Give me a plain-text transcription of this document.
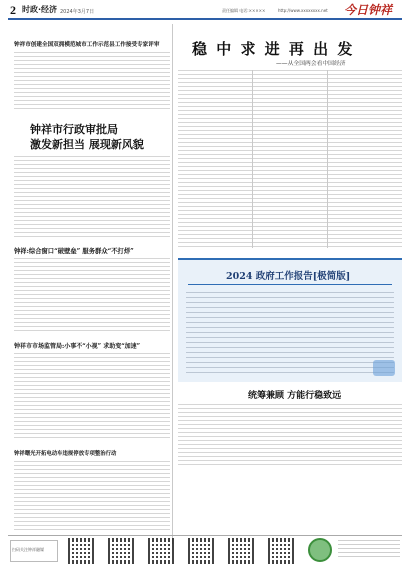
2 时政·经济 2024年3月7日	责任编辑 电话:×××××	http://www.xxxxxxxx.net 今日钟祥
钟祥市创建全国双拥模范城市工作示范县工作接受专家评审
钟祥市行政审批局
激发新担当 展现新风貌
钟祥:综合窗口“破壁垒” 服务群众“不打烊”
钟祥市市场监管局:小事不“小视” 求助变“加速”
钟祥曙光开拓电动车违规停放专项整治行动
稳 中 求 进 再 出 发
——从全国两会看中国经济
2024 政府工作报告[极简版]
统筹兼顾 方能行稳致远
扫码关注钟祥融媒
